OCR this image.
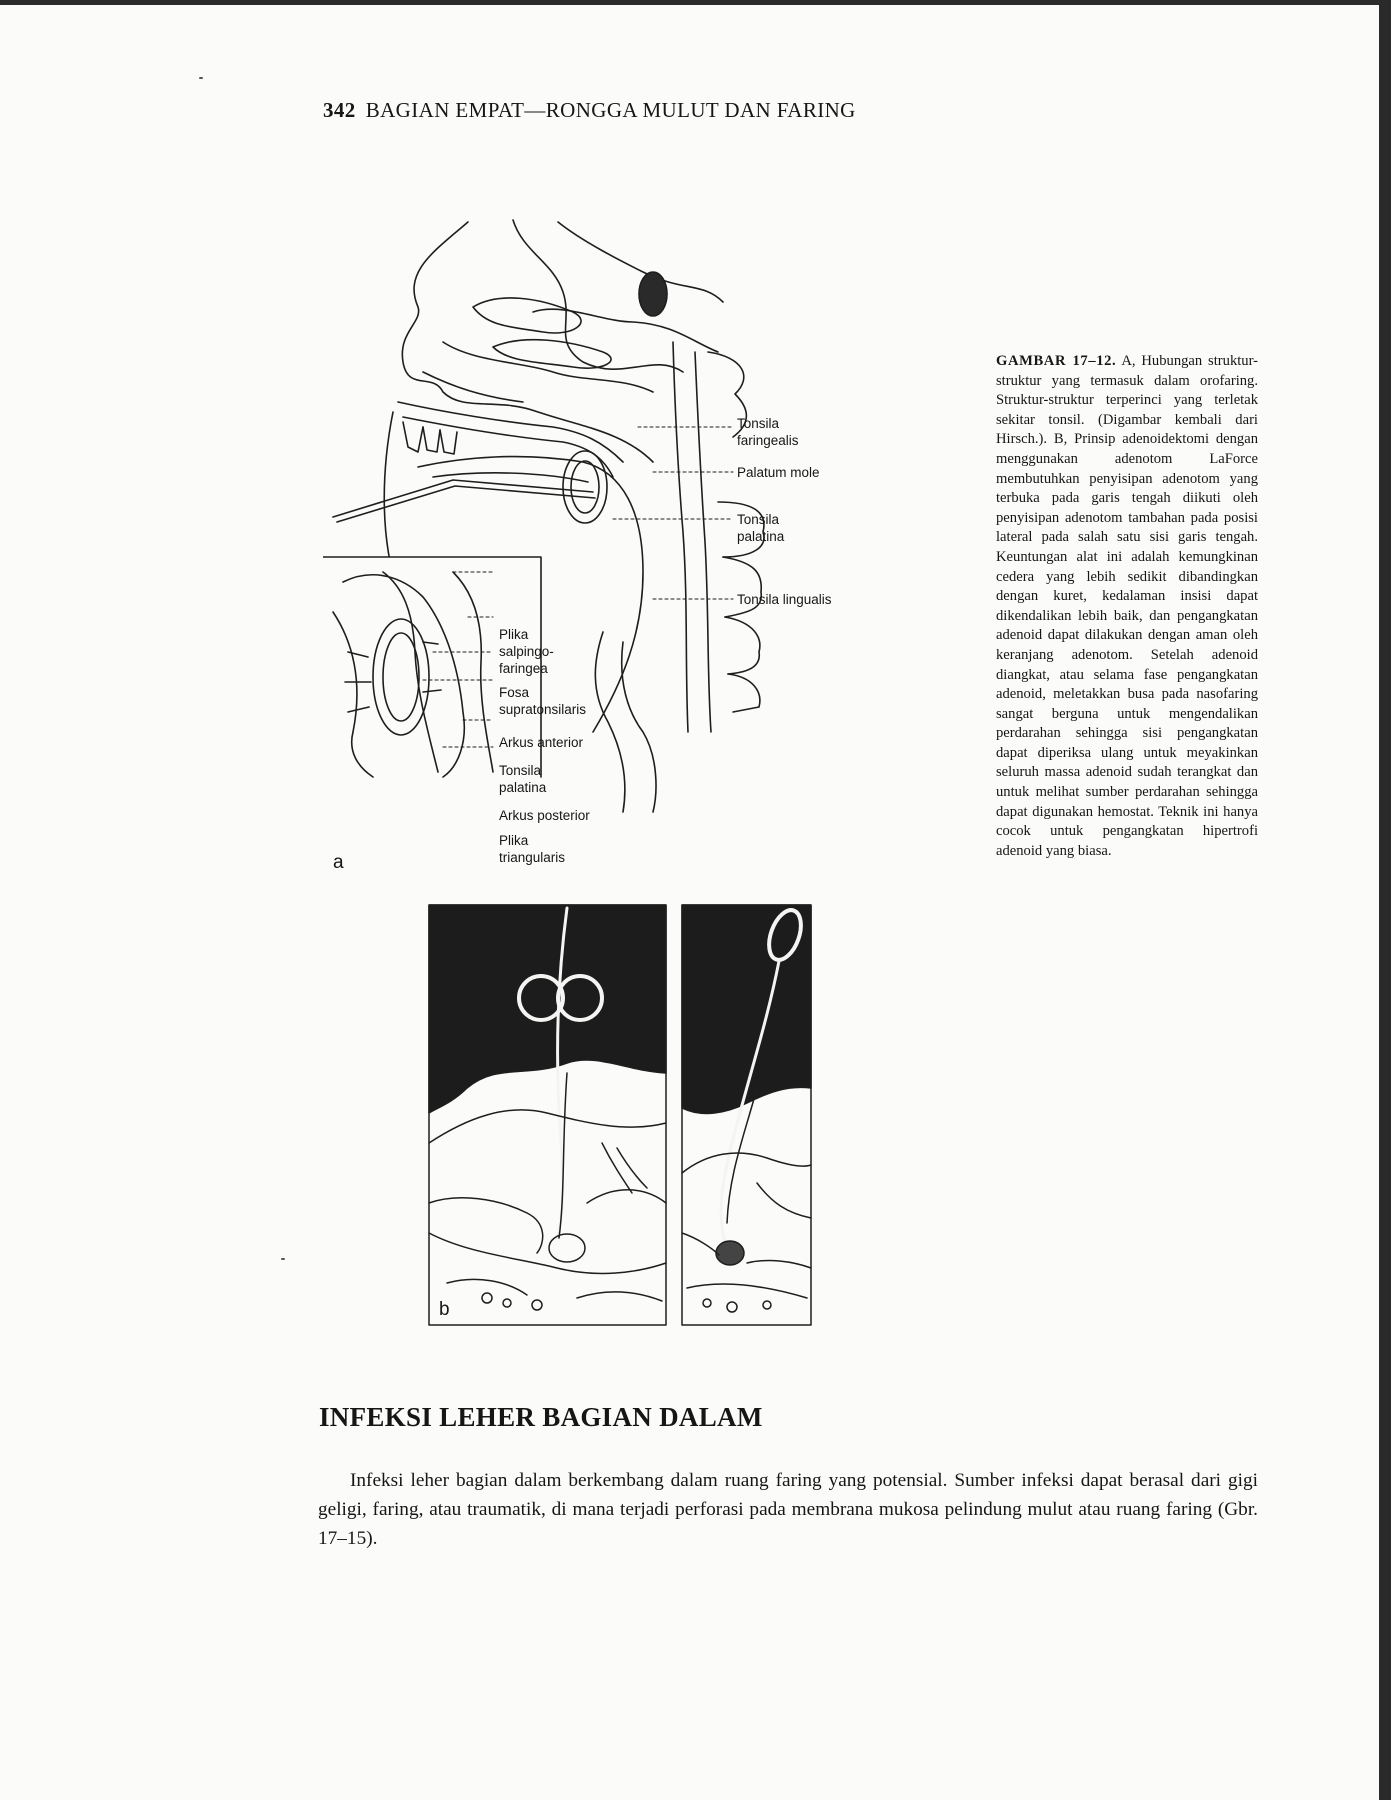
342 BAGIAN EMPAT—RONGGA MULUT DAN FARING
Tonsila
faringealis
Palatum mole
Tonsila
palatina
Tonsila lingualis
Plika
salpingo-
faringea
Fosa
supratonsilaris
Arkus anterior
Tonsila
palatina
Arkus posterior
Plika
triangularis
a
b
GAMBAR 17–12. A, Hubungan struktur-struktur yang termasuk dalam orofaring. Struktur-struktur terperinci yang terletak sekitar tonsil. (Digambar kembali dari Hirsch.). B, Prinsip adenoidektomi dengan menggunakan adenotom LaForce membutuhkan penyisipan adenotom yang terbuka pada garis tengah diikuti oleh penyisipan adenotom tambahan pada posisi lateral pada salah satu sisi garis tengah. Keuntungan alat ini adalah kemungkinan cedera yang lebih sedikit dibandingkan dengan kuret, kedalaman insisi dapat dikendalikan lebih baik, dan pengangkatan adenoid dapat dilakukan dengan aman oleh keranjang adenotom. Setelah adenoid diangkat, atau selama fase pengangkatan adenoid, meletakkan busa pada nasofaring sangat berguna untuk mengendalikan perdarahan sehingga sisi pengangkatan dapat diperiksa ulang untuk meyakinkan seluruh massa adenoid sudah terangkat dan untuk melihat sumber perdarahan sehingga dapat digunakan hemostat. Teknik ini hanya cocok untuk pengangkatan hipertrofi adenoid yang biasa.
INFEKSI LEHER BAGIAN DALAM
Infeksi leher bagian dalam berkembang dalam ruang faring yang potensial. Sumber infeksi dapat berasal dari gigi geligi, faring, atau traumatik, di mana terjadi perforasi pada membrana mukosa pelindung mulut atau ruang faring (Gbr. 17–15).
